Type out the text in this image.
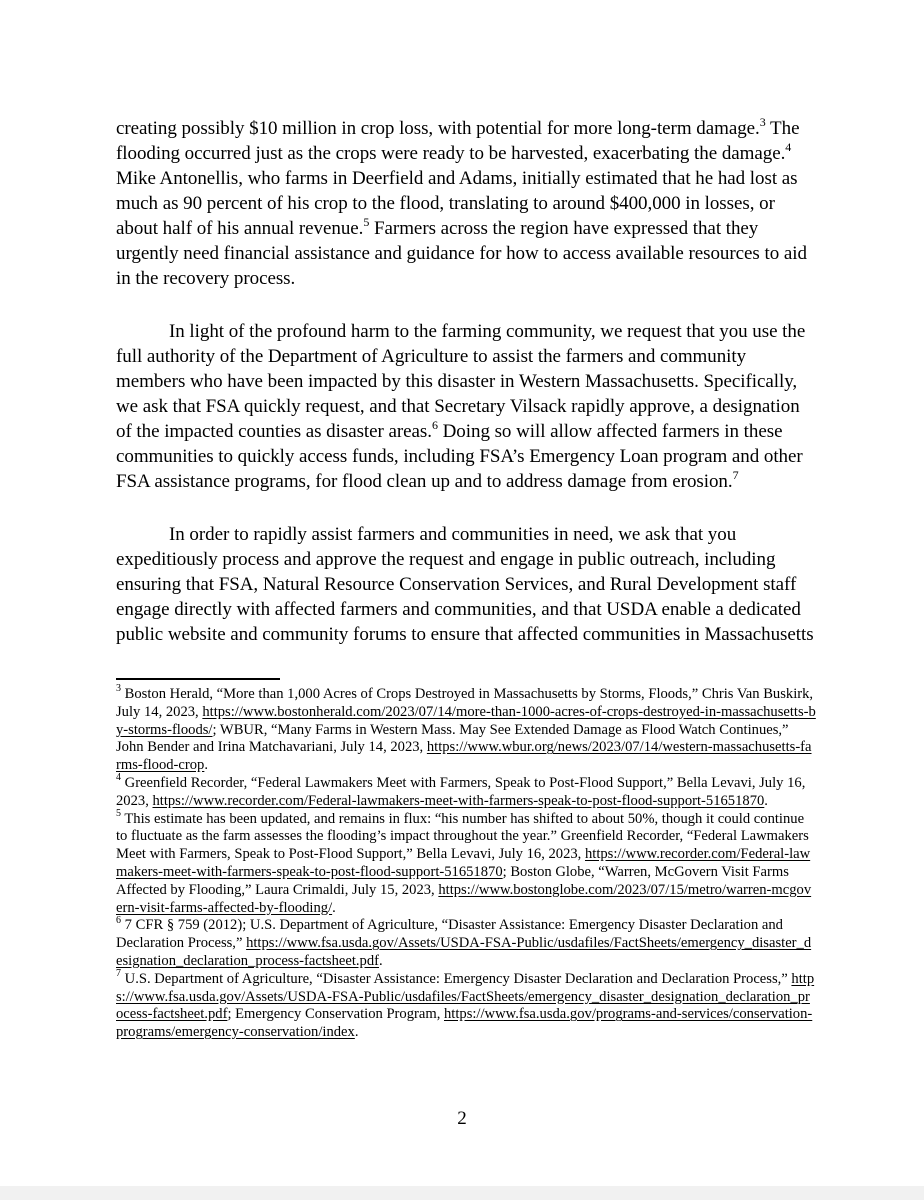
creating possibly $10 million in crop loss, with potential for more long-term damage.$^3$ The flooding occurred just as the crops were ready to be harvested, exacerbating the damage.$^4$ Mike Antonellis, who farms in Deerfield and Adams, initially estimated that he had lost as much as 90 percent of his crop to the flood, translating to around $400,000 in losses, or about half of his annual revenue.$^5$ Farmers across the region have expressed that they urgently need financial assistance and guidance for how to access available resources to aid in the recovery process.

In light of the profound harm to the farming community, we request that you use the full authority of the Department of Agriculture to assist the farmers and community members who have been impacted by this disaster in Western Massachusetts. Specifically, we ask that FSA quickly request, and that Secretary Vilsack rapidly approve, a designation of the impacted counties as disaster areas.$^6$ Doing so will allow affected farmers in these communities to quickly access funds, including FSA’s Emergency Loan program and other FSA assistance programs, for flood clean up and to address damage from erosion.$^7$

In order to rapidly assist farmers and communities in need, we ask that you expeditiously process and approve the request and engage in public outreach, including ensuring that FSA, Natural Resource Conservation Services, and Rural Development staff engage directly with affected farmers and communities, and that USDA enable a dedicated public website and community forums to ensure that affected communities in Massachusetts

$^3$ Boston Herald, “More than 1,000 Acres of Crops Destroyed in Massachusetts by Storms, Floods,” Chris Van Buskirk, July 14, 2023, https://www.bostonherald.com/2023/07/14/more-than-1000-acres-of-crops-destroyed-in-massachusetts-by-storms-floods/; WBUR, “Many Farms in Western Mass. May See Extended Damage as Flood Watch Continues,” John Bender and Irina Matchavariani, July 14, 2023, https://www.wbur.org/news/2023/07/14/western-massachusetts-farms-flood-crop.

$^4$ Greenfield Recorder, “Federal Lawmakers Meet with Farmers, Speak to Post-Flood Support,” Bella Levavi, July 16, 2023, https://www.recorder.com/Federal-lawmakers-meet-with-farmers-speak-to-post-flood-support-51651870.

$^5$ This estimate has been updated, and remains in flux: “his number has shifted to about 50%, though it could continue to fluctuate as the farm assesses the flooding’s impact throughout the year.” Greenfield Recorder, “Federal Lawmakers Meet with Farmers, Speak to Post-Flood Support,” Bella Levavi, July 16, 2023, https://www.recorder.com/Federal-lawmakers-meet-with-farmers-speak-to-post-flood-support-51651870; Boston Globe, “Warren, McGovern Visit Farms Affected by Flooding,” Laura Crimaldi, July 15, 2023, https://www.bostonglobe.com/2023/07/15/metro/warren-mcgovern-visit-farms-affected-by-flooding/.

$^6$ 7 CFR § 759 (2012); U.S. Department of Agriculture, “Disaster Assistance: Emergency Disaster Declaration and Declaration Process,” https://www.fsa.usda.gov/Assets/USDA-FSA-Public/usdafiles/FactSheets/emergency_disaster_designation_declaration_process-factsheet.pdf.

$^7$ U.S. Department of Agriculture, “Disaster Assistance: Emergency Disaster Declaration and Declaration Process,” https://www.fsa.usda.gov/Assets/USDA-FSA-Public/usdafiles/FactSheets/emergency_disaster_designation_declaration_process-factsheet.pdf; Emergency Conservation Program, https://www.fsa.usda.gov/programs-and-services/conservation-programs/emergency-conservation/index.

2
